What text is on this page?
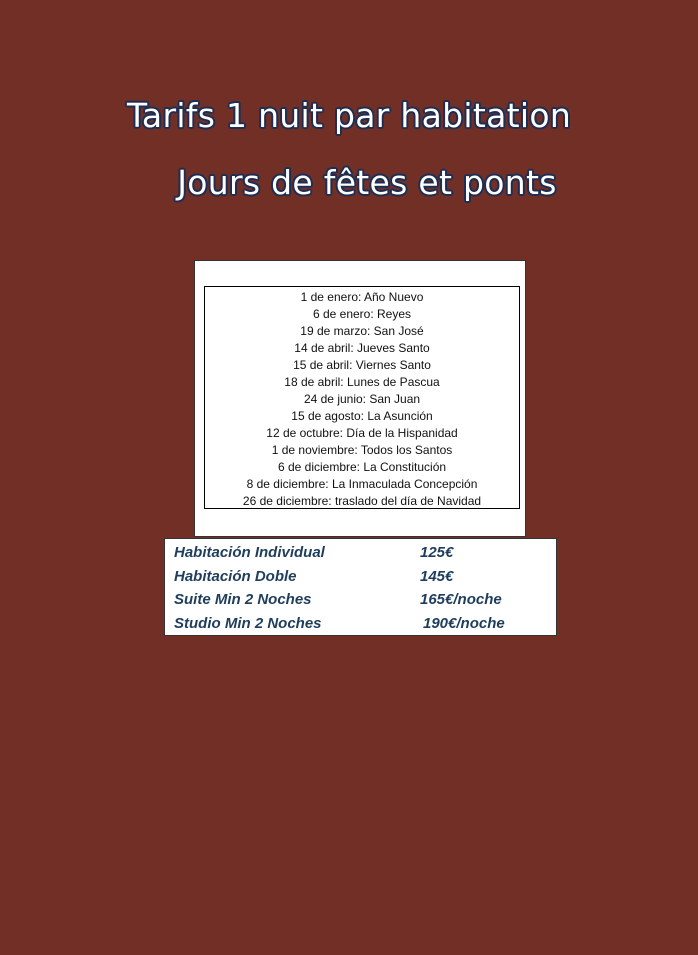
Tarifs 1 nuit par habitation
Jours de fêtes et ponts
1 de enero: Año Nuevo
6 de enero: Reyes
19 de marzo: San José
14 de abril: Jueves Santo
15 de abril: Viernes Santo
18 de abril: Lunes de Pascua
24 de junio: San Juan
15 de agosto: La Asunción
12 de octubre: Día de la Hispanidad
1 de noviembre: Todos los Santos
6 de diciembre: La Constitución
8 de diciembre: La Inmaculada Concepción
26 de diciembre: traslado del día de Navidad
Habitación Individual	125€
Habitación Doble	145€
Suite Min 2 Noches	165€/noche
Studio Min 2 Noches	190€/noche
